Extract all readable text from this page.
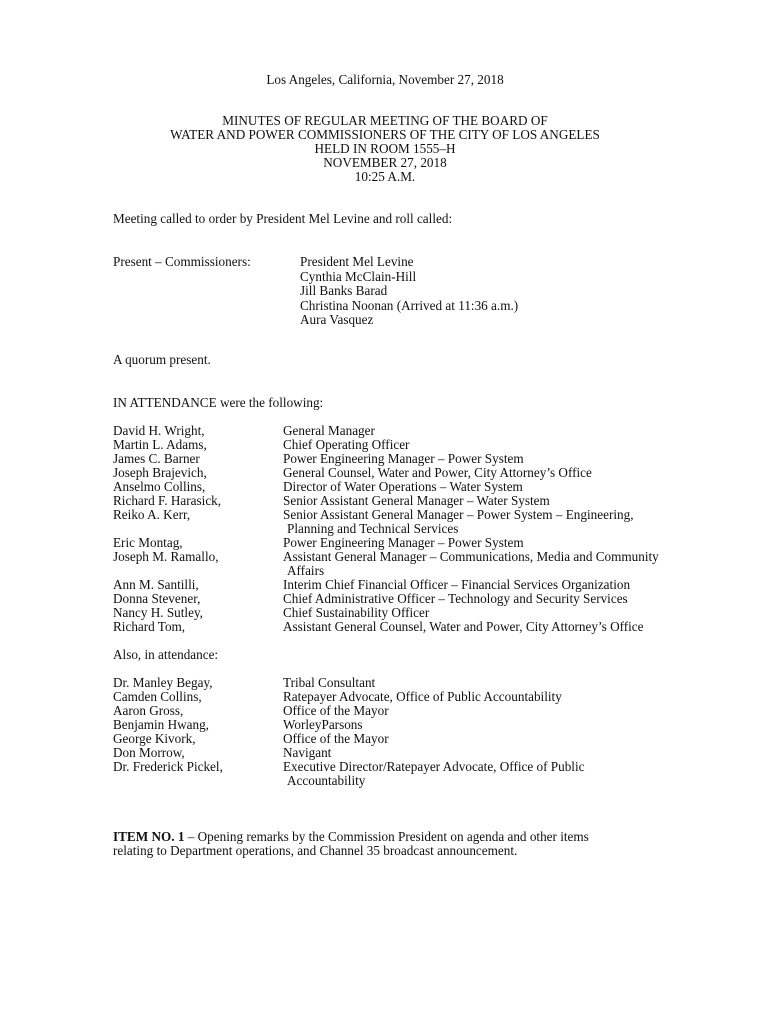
Los Angeles, California, November 27, 2018
MINUTES OF REGULAR MEETING OF THE BOARD OF
WATER AND POWER COMMISSIONERS OF THE CITY OF LOS ANGELES
HELD IN ROOM 1555–H
NOVEMBER 27, 2018
10:25 A.M.
Meeting called to order by President Mel Levine and roll called:
Present – Commissioners:	President Mel Levine
Cynthia McClain-Hill
Jill Banks Barad
Christina Noonan (Arrived at 11:36 a.m.)
Aura Vasquez
A quorum present.
IN ATTENDANCE were the following:
David H. Wright,	General Manager
Martin L. Adams,	Chief Operating Officer
James C. Barner	Power Engineering Manager – Power System
Joseph Brajevich,	General Counsel, Water and Power, City Attorney’s Office
Anselmo Collins,	Director of Water Operations – Water System
Richard F. Harasick,	Senior Assistant General Manager – Water System
Reiko A. Kerr,	Senior Assistant General Manager – Power System – Engineering,
Planning and Technical Services
Eric Montag,	Power Engineering Manager – Power System
Joseph M. Ramallo,	Assistant General Manager – Communications, Media and Community
Affairs
Ann M. Santilli,	Interim Chief Financial Officer – Financial Services Organization
Donna Stevener,	Chief Administrative Officer – Technology and Security Services
Nancy H. Sutley,	Chief Sustainability Officer
Richard Tom,	Assistant General Counsel, Water and Power, City Attorney’s Office
Also, in attendance:
Dr. Manley Begay,	Tribal Consultant
Camden Collins,	Ratepayer Advocate, Office of Public Accountability
Aaron Gross,	Office of the Mayor
Benjamin Hwang,	WorleyParsons
George Kivork,	Office of the Mayor
Don Morrow,	Navigant
Dr. Frederick Pickel,	Executive Director/Ratepayer Advocate, Office of Public
Accountability
ITEM NO. 1 – Opening remarks by the Commission President on agenda and other items
relating to Department operations, and Channel 35 broadcast announcement.
